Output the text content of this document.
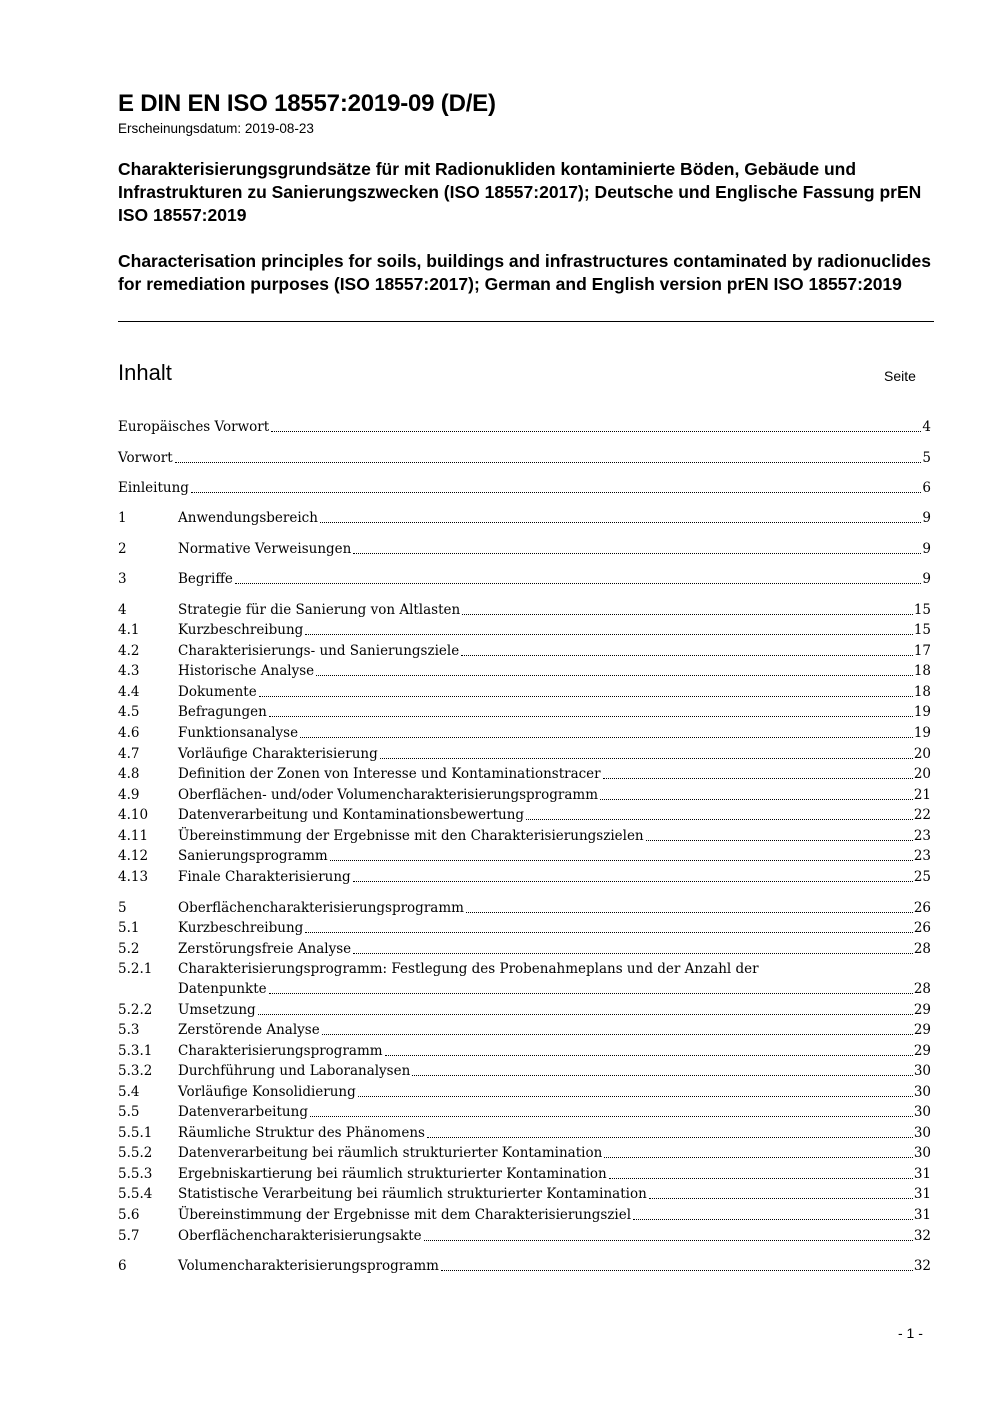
E DIN EN ISO 18557:2019-09 (D/E)
Erscheinungsdatum: 2019-08-23
Charakterisierungsgrundsätze für mit Radionukliden kontaminierte Böden, Gebäude und Infrastrukturen zu Sanierungszwecken (ISO 18557:2017); Deutsche und Englische Fassung prEN ISO 18557:2019
Characterisation principles for soils, buildings and infrastructures contaminated by radionuclides for remediation purposes (ISO 18557:2017); German and English version prEN ISO 18557:2019
Inhalt	Seite
Europäisches Vorwort	4
Vorwort	5
Einleitung	6
1	Anwendungsbereich	9
2	Normative Verweisungen	9
3	Begriffe	9
4	Strategie für die Sanierung von Altlasten	15
4.1	Kurzbeschreibung	15
4.2	Charakterisierungs- und Sanierungsziele	17
4.3	Historische Analyse	18
4.4	Dokumente	18
4.5	Befragungen	19
4.6	Funktionsanalyse	19
4.7	Vorläufige Charakterisierung	20
4.8	Definition der Zonen von Interesse und Kontaminationstracer	20
4.9	Oberflächen- und/oder Volumencharakterisierungsprogramm	21
4.10	Datenverarbeitung und Kontaminationsbewertung	22
4.11	Übereinstimmung der Ergebnisse mit den Charakterisierungszielen	23
4.12	Sanierungsprogramm	23
4.13	Finale Charakterisierung	25
5	Oberflächencharakterisierungsprogramm	26
5.1	Kurzbeschreibung	26
5.2	Zerstörungsfreie Analyse	28
5.2.1	Charakterisierungsprogramm: Festlegung des Probenahmeplans und der Anzahl der
Datenpunkte	28
5.2.2	Umsetzung	29
5.3	Zerstörende Analyse	29
5.3.1	Charakterisierungsprogramm	29
5.3.2	Durchführung und Laboranalysen	30
5.4	Vorläufige Konsolidierung	30
5.5	Datenverarbeitung	30
5.5.1	Räumliche Struktur des Phänomens	30
5.5.2	Datenverarbeitung bei räumlich strukturierter Kontamination	30
5.5.3	Ergebniskartierung bei räumlich strukturierter Kontamination	31
5.5.4	Statistische Verarbeitung bei räumlich strukturierter Kontamination	31
5.6	Übereinstimmung der Ergebnisse mit dem Charakterisierungsziel	31
5.7	Oberflächencharakterisierungsakte	32
6	Volumencharakterisierungsprogramm	32
- 1 -
